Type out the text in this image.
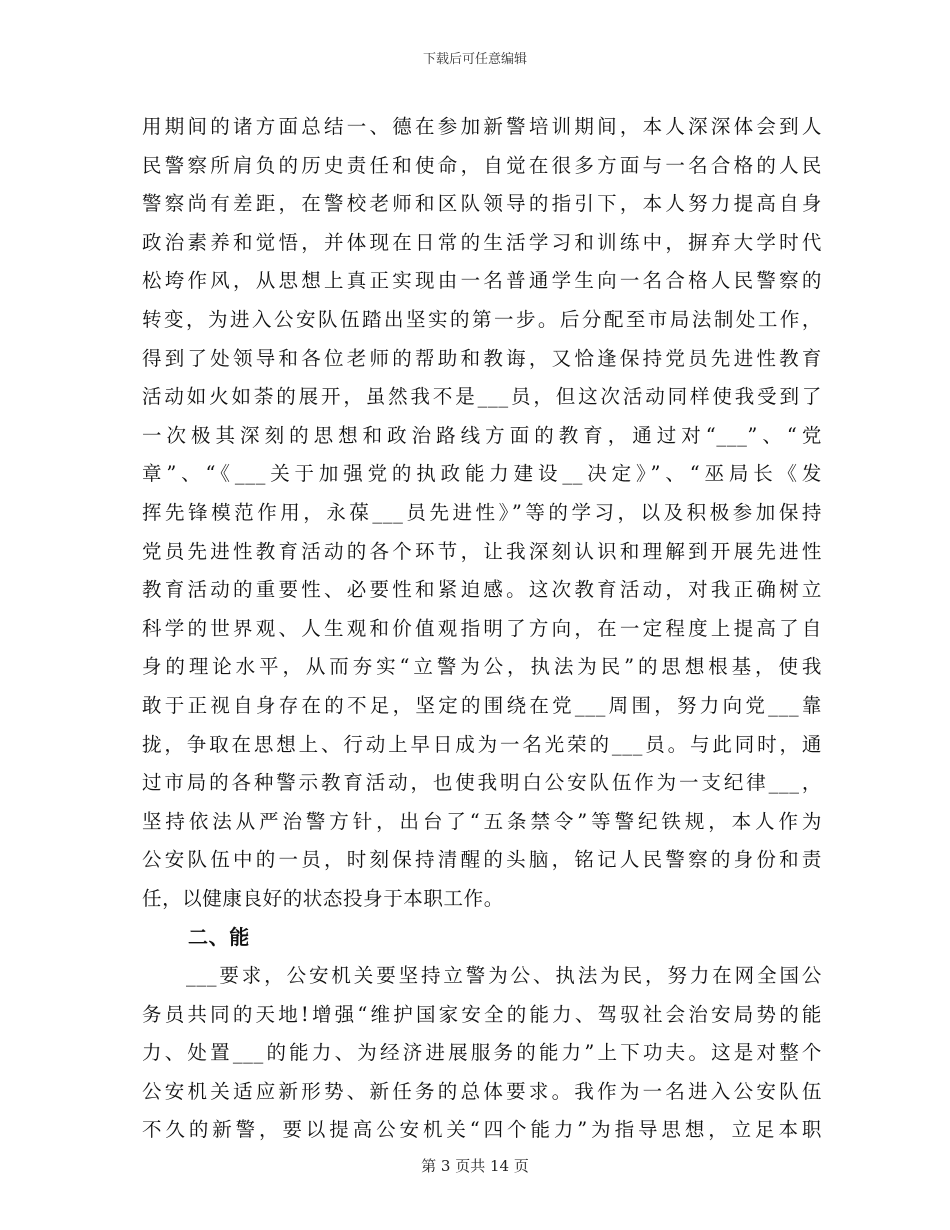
下载后可任意编辑
用期间的诸方面总结一、德在参加新警培训期间，本人深深体会到人
民警察所肩负的历史责任和使命，自觉在很多方面与一名合格的人民
警察尚有差距，在警校老师和区队领导的指引下，本人努力提高自身
政治素养和觉悟，并体现在日常的生活学习和训练中，摒弃大学时代
松垮作风，从思想上真正实现由一名普通学生向一名合格人民警察的
转变，为进入公安队伍踏出坚实的第一步。后分配至市局法制处工作，
得到了处领导和各位老师的帮助和教诲，又恰逢保持党员先进性教育
活动如火如荼的展开，虽然我不是___员，但这次活动同样使我受到了
一次极其深刻的思想和政治路线方面的教育，通过对“___”、“党
章”、“《___关于加强党的执政能力建设__决定》”、“巫局长《发
挥先锋模范作用，永葆___员先进性》”等的学习，以及积极参加保持
党员先进性教育活动的各个环节，让我深刻认识和理解到开展先进性
教育活动的重要性、必要性和紧迫感。这次教育活动，对我正确树立
科学的世界观、人生观和价值观指明了方向，在一定程度上提高了自
身的理论水平，从而夯实“立警为公，执法为民”的思想根基，使我
敢于正视自身存在的不足，坚定的围绕在党___周围，努力向党___靠
拢，争取在思想上、行动上早日成为一名光荣的___员。与此同时，通
过市局的各种警示教育活动，也使我明白公安队伍作为一支纪律___，
坚持依法从严治警方针，出台了“五条禁令”等警纪铁规，本人作为
公安队伍中的一员，时刻保持清醒的头脑，铭记人民警察的身份和责
任，以健康良好的状态投身于本职工作。
二、能
___要求，公安机关要坚持立警为公、执法为民，努力在网全国公
务员共同的天地!增强“维护国家安全的能力、驾驭社会治安局势的能
力、处置___的能力、为经济进展服务的能力”上下功夫。这是对整个
公安机关适应新形势、新任务的总体要求。我作为一名进入公安队伍
不久的新警，要以提高公安机关“四个能力”为指导思想，立足本职
第 3 页共 14 页
